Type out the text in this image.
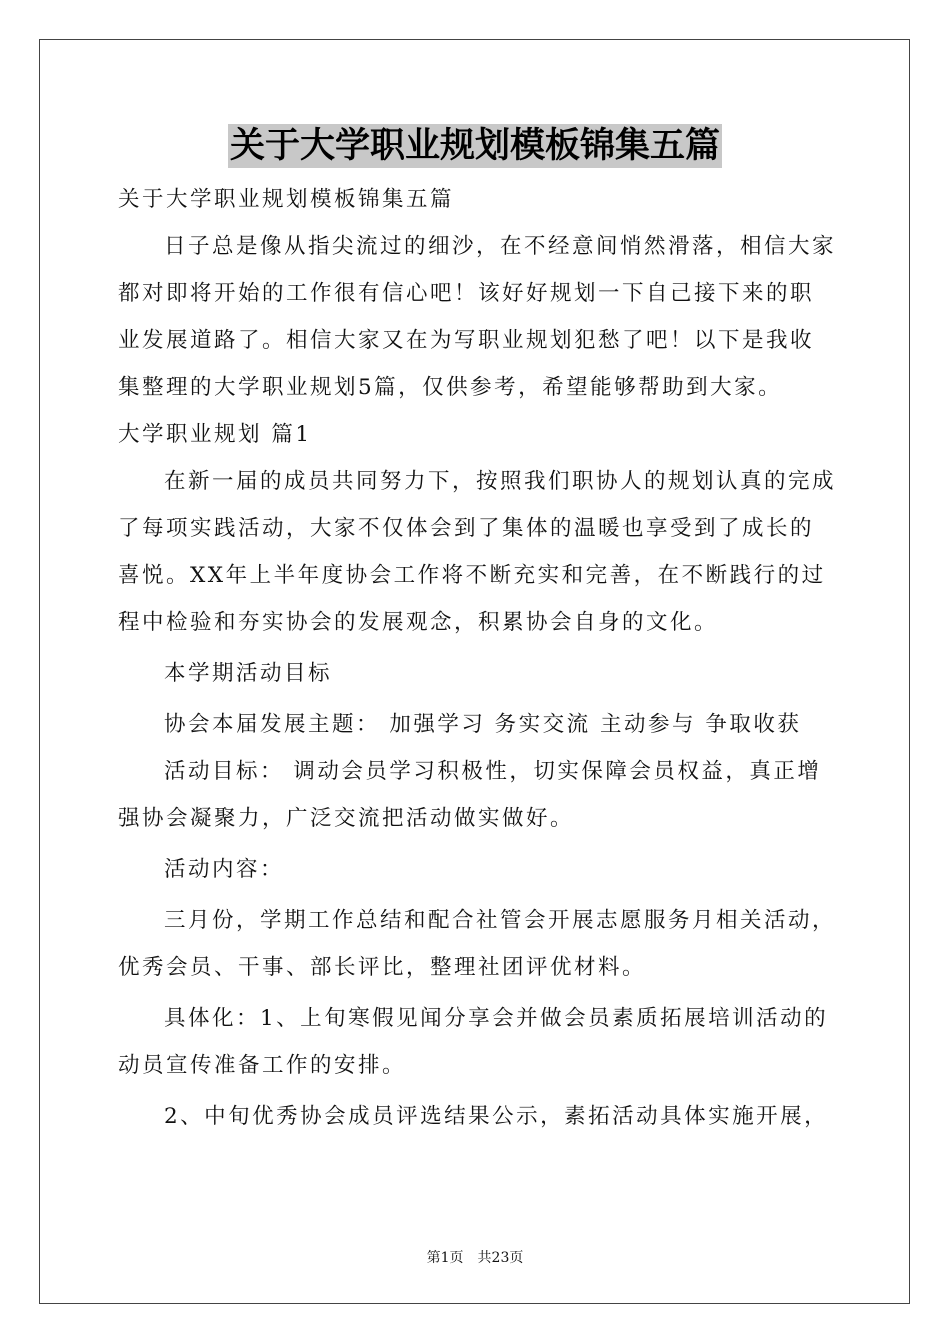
关于大学职业规划模板锦集五篇

关于大学职业规划模板锦集五篇

日子总是像从指尖流过的细沙，在不经意间悄然滑落，相信大家都对即将开始的工作很有信心吧！该好好规划一下自己接下来的职业发展道路了。相信大家又在为写职业规划犯愁了吧！以下是我收集整理的大学职业规划5篇，仅供参考，希望能够帮助到大家。

大学职业规划 篇1

在新一届的成员共同努力下，按照我们职协人的规划认真的完成了每项实践活动，大家不仅体会到了集体的温暖也享受到了成长的喜悦。XX年上半年度协会工作将不断充实和完善，在不断践行的过程中检验和夯实协会的发展观念，积累协会自身的文化。

本学期活动目标

协会本届发展主题： 加强学习 务实交流 主动参与 争取收获

活动目标： 调动会员学习积极性，切实保障会员权益，真正增强协会凝聚力，广泛交流把活动做实做好。

活动内容：

三月份，学期工作总结和配合社管会开展志愿服务月相关活动，优秀会员、干事、部长评比，整理社团评优材料。

具体化：1、上旬寒假见闻分享会并做会员素质拓展培训活动的动员宣传准备工作的安排。

2、中旬优秀协会成员评选结果公示，素拓活动具体实施开展，

第1页　共23页
